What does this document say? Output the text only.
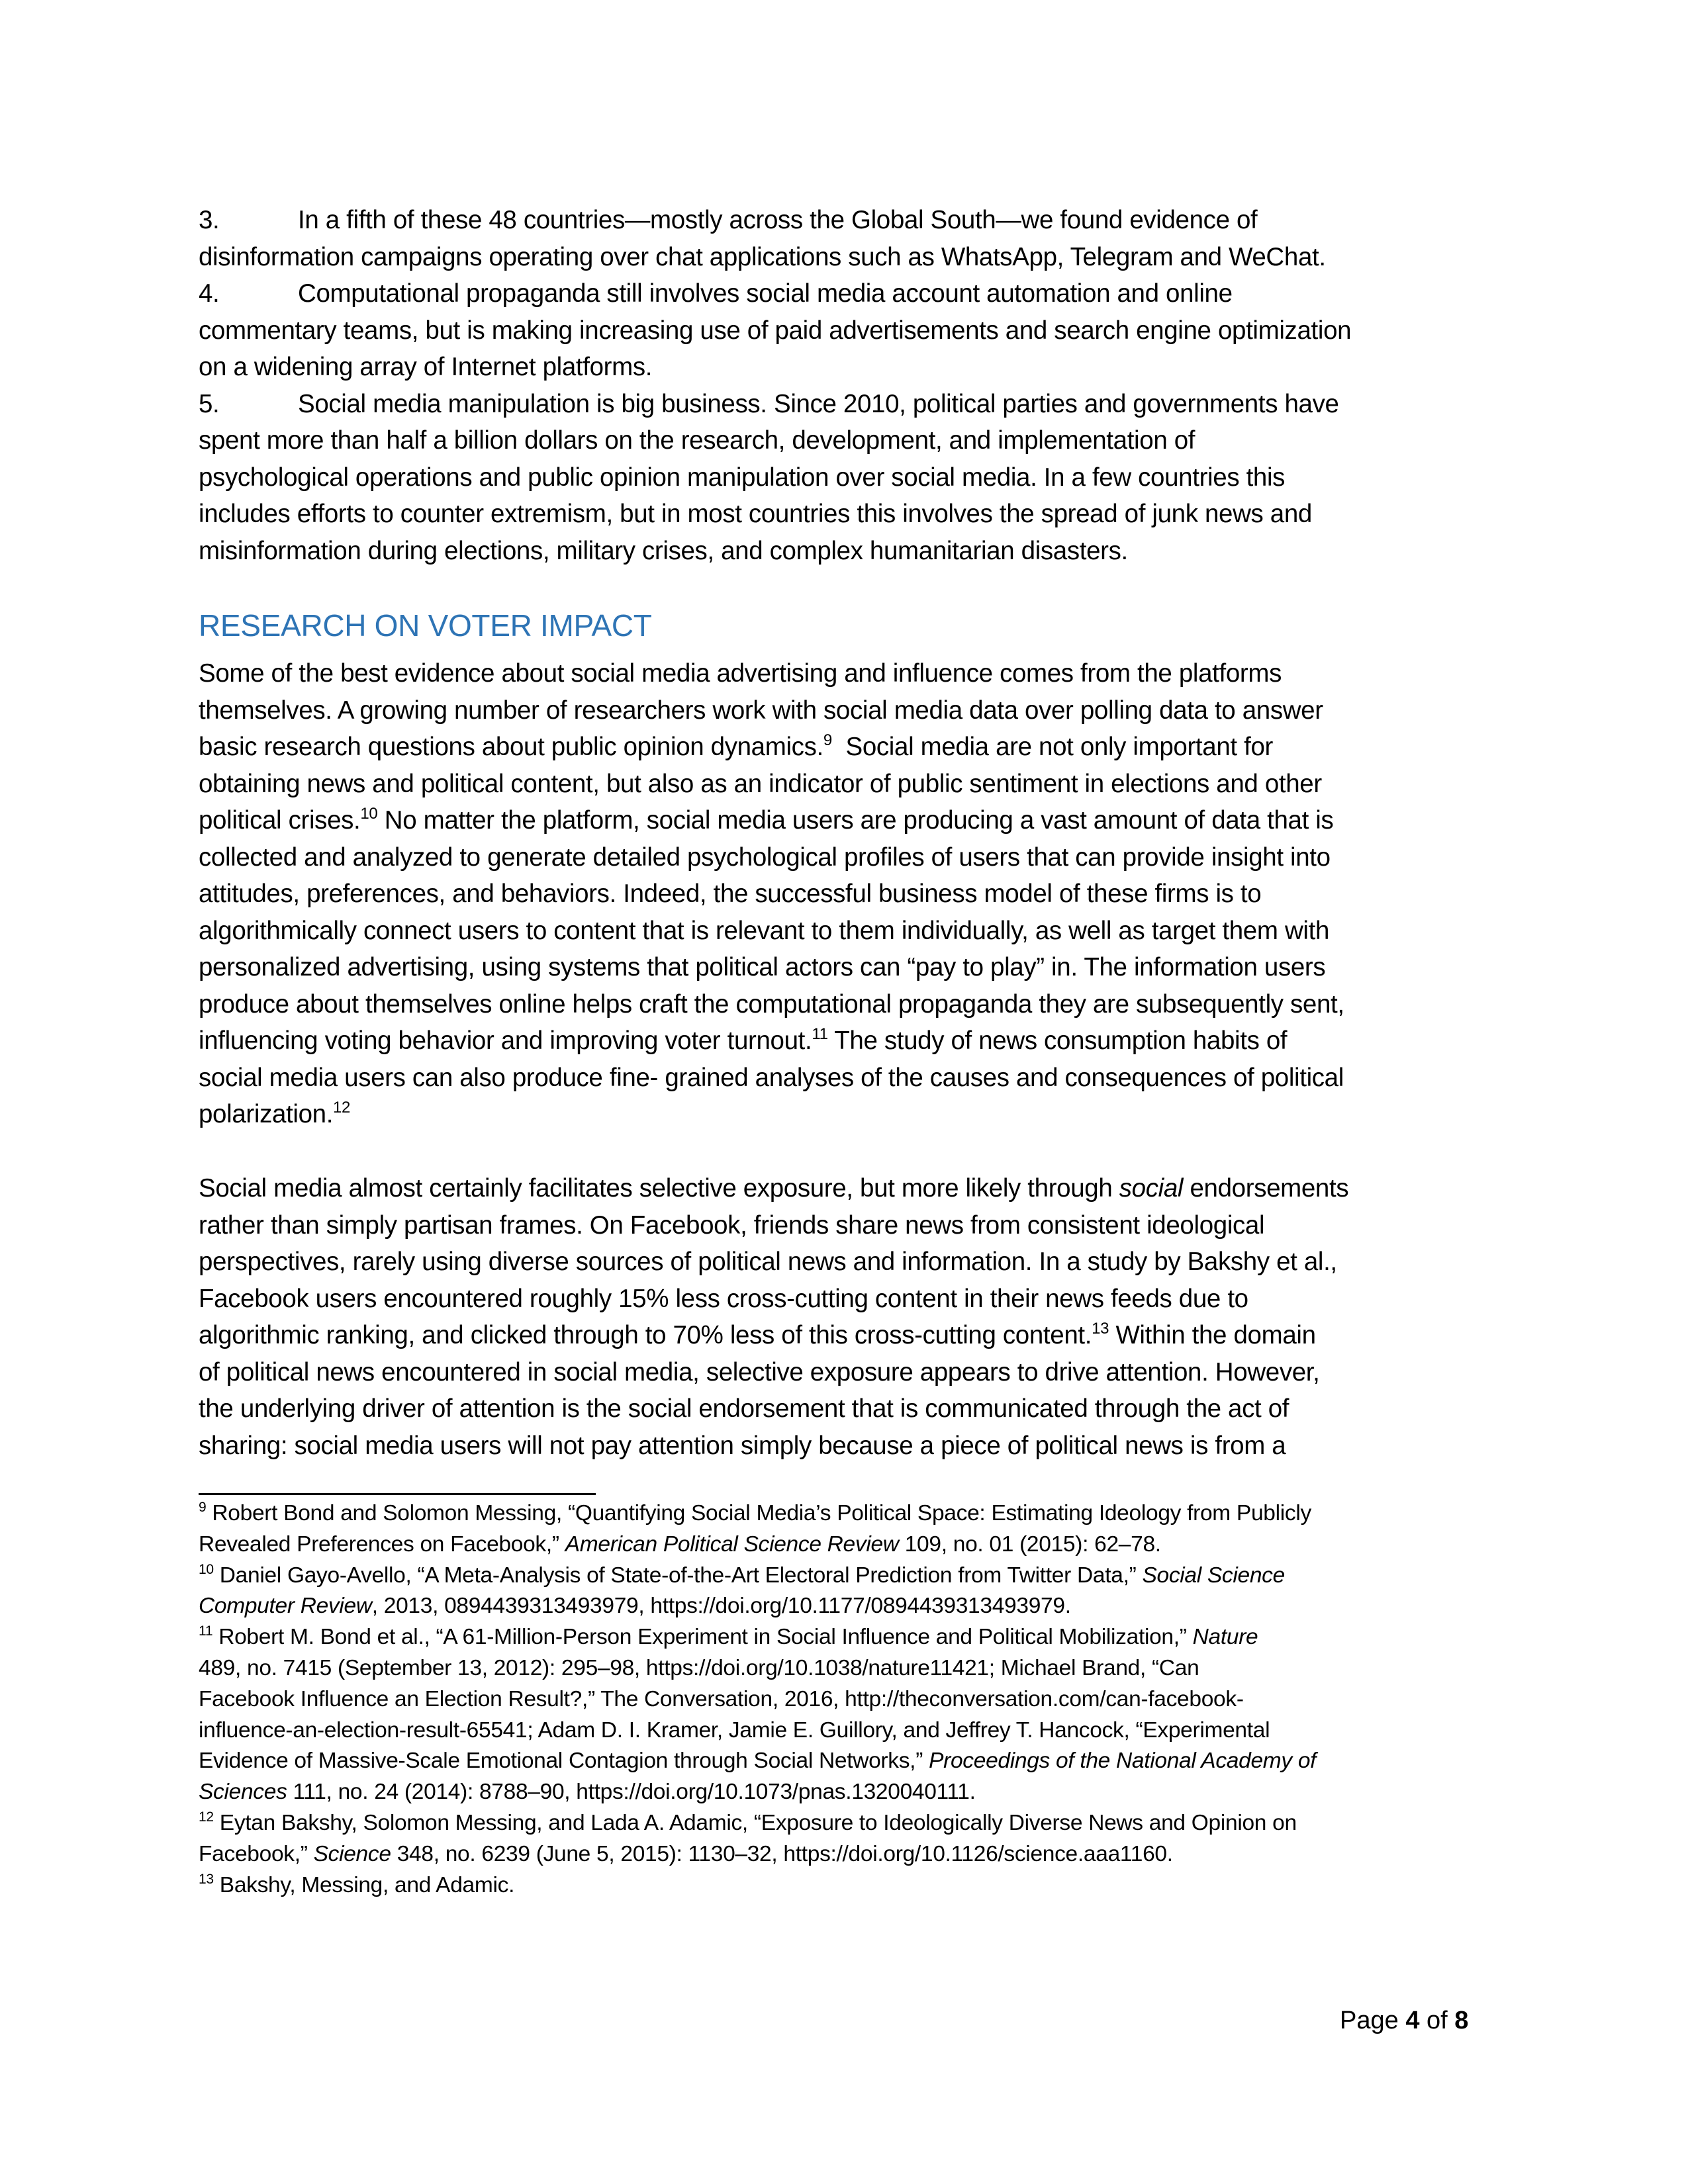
3.	In a fifth of these 48 countries—mostly across the Global South—we found evidence of
disinformation campaigns operating over chat applications such as WhatsApp, Telegram and WeChat.
4.	Computational propaganda still involves social media account automation and online
commentary teams, but is making increasing use of paid advertisements and search engine optimization
on a widening array of Internet platforms.
5.	Social media manipulation is big business. Since 2010, political parties and governments have
spent more than half a billion dollars on the research, development, and implementation of
psychological operations and public opinion manipulation over social media. In a few countries this
includes efforts to counter extremism, but in most countries this involves the spread of junk news and
misinformation during elections, military crises, and complex humanitarian disasters.
RESEARCH ON VOTER IMPACT
Some of the best evidence about social media advertising and influence comes from the platforms
themselves. A growing number of researchers work with social media data over polling data to answer
basic research questions about public opinion dynamics.$^9$  Social media are not only important for
obtaining news and political content, but also as an indicator of public sentiment in elections and other
political crises.$^{10}$ No matter the platform, social media users are producing a vast amount of data that is
collected and analyzed to generate detailed psychological profiles of users that can provide insight into
attitudes, preferences, and behaviors. Indeed, the successful business model of these firms is to
algorithmically connect users to content that is relevant to them individually, as well as target them with
personalized advertising, using systems that political actors can “pay to play” in. The information users
produce about themselves online helps craft the computational propaganda they are subsequently sent,
influencing voting behavior and improving voter turnout.$^{11}$ The study of news consumption habits of
social media users can also produce fine- grained analyses of the causes and consequences of political
polarization.$^{12}$
Social media almost certainly facilitates selective exposure, but more likely through social endorsements
rather than simply partisan frames. On Facebook, friends share news from consistent ideological
perspectives, rarely using diverse sources of political news and information. In a study by Bakshy et al.,
Facebook users encountered roughly 15% less cross-cutting content in their news feeds due to
algorithmic ranking, and clicked through to 70% less of this cross-cutting content.$^{13}$ Within the domain
of political news encountered in social media, selective exposure appears to drive attention. However,
the underlying driver of attention is the social endorsement that is communicated through the act of
sharing: social media users will not pay attention simply because a piece of political news is from a
$^9$ Robert Bond and Solomon Messing, “Quantifying Social Media’s Political Space: Estimating Ideology from Publicly
Revealed Preferences on Facebook,” American Political Science Review 109, no. 01 (2015): 62–78.
$^{10}$ Daniel Gayo-Avello, “A Meta-Analysis of State-of-the-Art Electoral Prediction from Twitter Data,” Social Science
Computer Review, 2013, 0894439313493979, https://doi.org/10.1177/0894439313493979.
$^{11}$ Robert M. Bond et al., “A 61-Million-Person Experiment in Social Influence and Political Mobilization,” Nature
489, no. 7415 (September 13, 2012): 295–98, https://doi.org/10.1038/nature11421; Michael Brand, “Can
Facebook Influence an Election Result?,” The Conversation, 2016, http://theconversation.com/can-facebook-
influence-an-election-result-65541; Adam D. I. Kramer, Jamie E. Guillory, and Jeffrey T. Hancock, “Experimental
Evidence of Massive-Scale Emotional Contagion through Social Networks,” Proceedings of the National Academy of
Sciences 111, no. 24 (2014): 8788–90, https://doi.org/10.1073/pnas.1320040111.
$^{12}$ Eytan Bakshy, Solomon Messing, and Lada A. Adamic, “Exposure to Ideologically Diverse News and Opinion on
Facebook,” Science 348, no. 6239 (June 5, 2015): 1130–32, https://doi.org/10.1126/science.aaa1160.
$^{13}$ Bakshy, Messing, and Adamic.
Page 4 of 8
